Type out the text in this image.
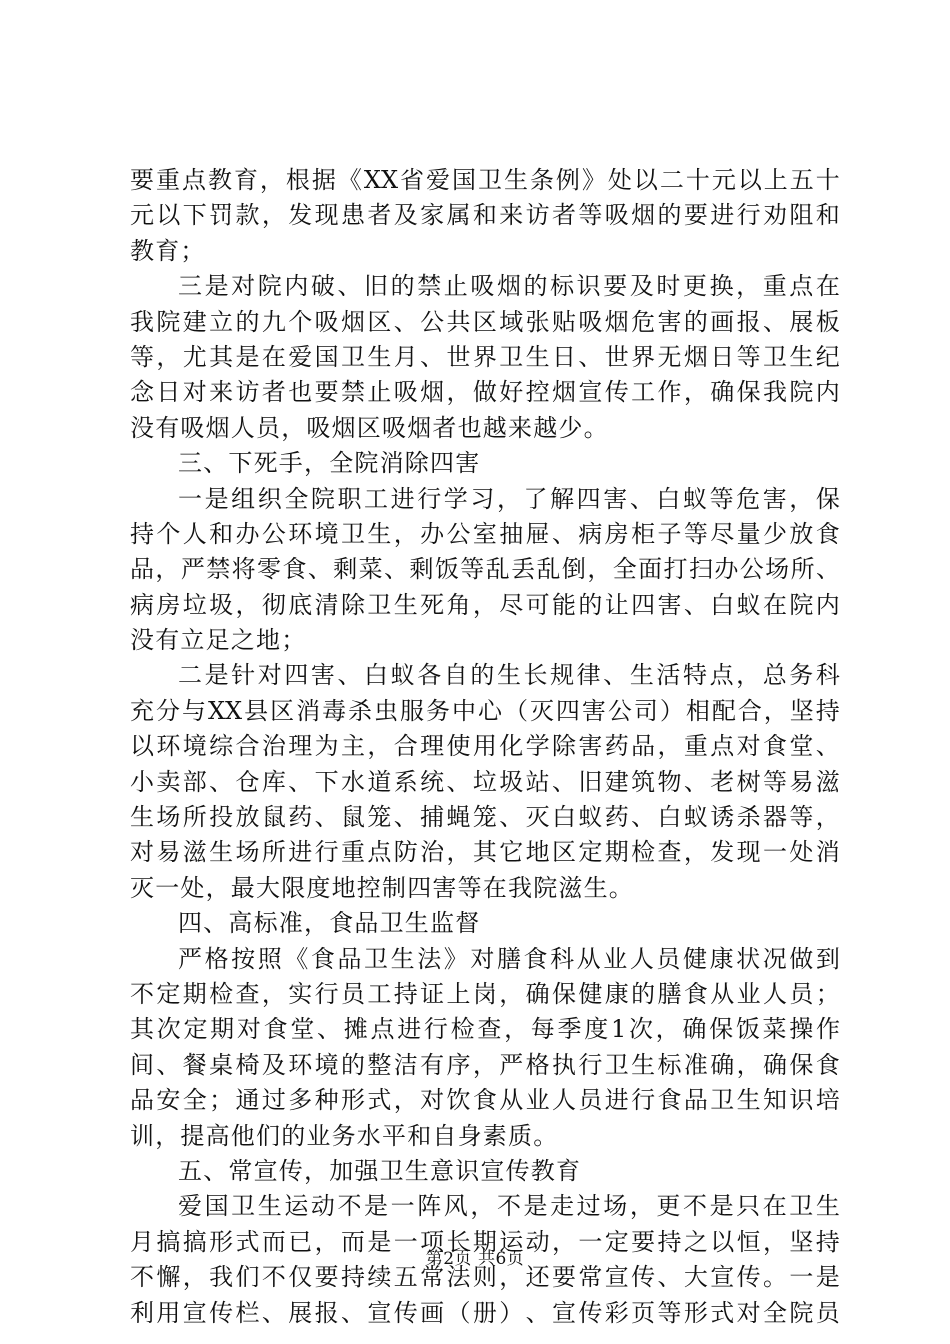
要 重 点 教 育 ， 根 据 《 XX 省 爱 国 卫 生 条 例 》 处 以 二 十 元 以 上 五 十
元 以 下 罚 款 ， 发 现 患 者 及 家 属 和 来 访 者 等 吸 烟 的 要 进 行 劝 阻 和
教育；
三 是 对 院 内 破 、 旧 的 禁 止 吸 烟 的 标 识 要 及 时 更 换 ， 重 点 在
我 院 建 立 的 九 个 吸 烟 区 、 公 共 区 域 张 贴 吸 烟 危 害 的 画 报 、 展 板
等 ， 尤 其 是 在 爱 国 卫 生 月 、 世 界 卫 生 日 、 世 界 无 烟 日 等 卫 生 纪
念 日 对 来 访 者 也 要 禁 止 吸 烟 ， 做 好 控 烟 宣 传 工 作 ， 确 保 我 院 内
没有吸烟人员，吸烟区吸烟者也越来越少。
三、下死手，全院消除四害
一 是 组 织 全 院 职 工 进 行 学 习 ， 了 解 四 害 、 白 蚁 等 危 害 ， 保
持 个 人 和 办 公 环 境 卫 生 ， 办 公 室 抽 屉 、 病 房 柜 子 等 尽 量 少 放 食
品 ， 严 禁 将 零 食 、 剩 菜 、 剩 饭 等 乱 丢 乱 倒 ， 全 面 打 扫 办 公 场 所 、
病 房 垃 圾 ， 彻 底 清 除 卫 生 死 角 ， 尽 可 能 的 让 四 害 、 白 蚁 在 院 内
没有立足之地；
二 是 针 对 四 害 、 白 蚁 各 自 的 生 长 规 律 、 生 活 特 点 ， 总 务 科
充 分 与 XX 县 区 消 毒 杀 虫 服 务 中 心 （ 灭 四 害 公 司 ） 相 配 合 ， 坚 持
以 环 境 综 合 治 理 为 主 ， 合 理 使 用 化 学 除 害 药 品 ， 重 点 对 食 堂 、
小 卖 部 、 仓 库 、 下 水 道 系 统 、 垃 圾 站 、 旧 建 筑 物 、 老 树 等 易 滋
生 场 所 投 放 鼠 药 、 鼠 笼 、 捕 蝇 笼 、 灭 白 蚁 药 、 白 蚁 诱 杀 器 等 ，
对 易 滋 生 场 所 进 行 重 点 防 治 ， 其 它 地 区 定 期 检 查 ， 发 现 一 处 消
灭一处，最大限度地控制四害等在我院滋生。
四、高标准，食品卫生监督
严 格 按 照 《 食 品 卫 生 法 》 对 膳 食 科 从 业 人 员 健 康 状 况 做 到
不 定 期 检 查 ， 实 行 员 工 持 证 上 岗 ， 确 保 健 康 的 膳 食 从 业 人 员 ；
其 次 定 期 对 食 堂 、 摊 点 进 行 检 查 ， 每 季 度 1 次 ， 确 保 饭 菜 操 作
间 、 餐 桌 椅 及 环 境 的 整 洁 有 序 ， 严 格 执 行 卫 生 标 准 确 ， 确 保 食
品 安 全 ； 通 过 多 种 形 式 ， 对 饮 食 从 业 人 员 进 行 食 品 卫 生 知 识 培
训，提高他们的业务水平和自身素质。
五、常宣传，加强卫生意识宣传教育
爱 国 卫 生 运 动 不 是 一 阵 风 ， 不 是 走 过 场 ， 更 不 是 只 在 卫 生
月 搞 搞 形 式 而 已 ， 而 是 一 项 长 期 运 动 ， 一 定 要 持 之 以 恒 ， 坚 持
不 懈 ， 我 们 不 仅 要 持 续 五 常 法 则 ， 还 要 常 宣 传 、 大 宣 传 。 一 是
利 用 宣 传 栏 、 展 报 、 宣 传 画 （ 册 ） 、 宣 传 彩 页 等 形 式 对 全 院 员
第2页 共6页
